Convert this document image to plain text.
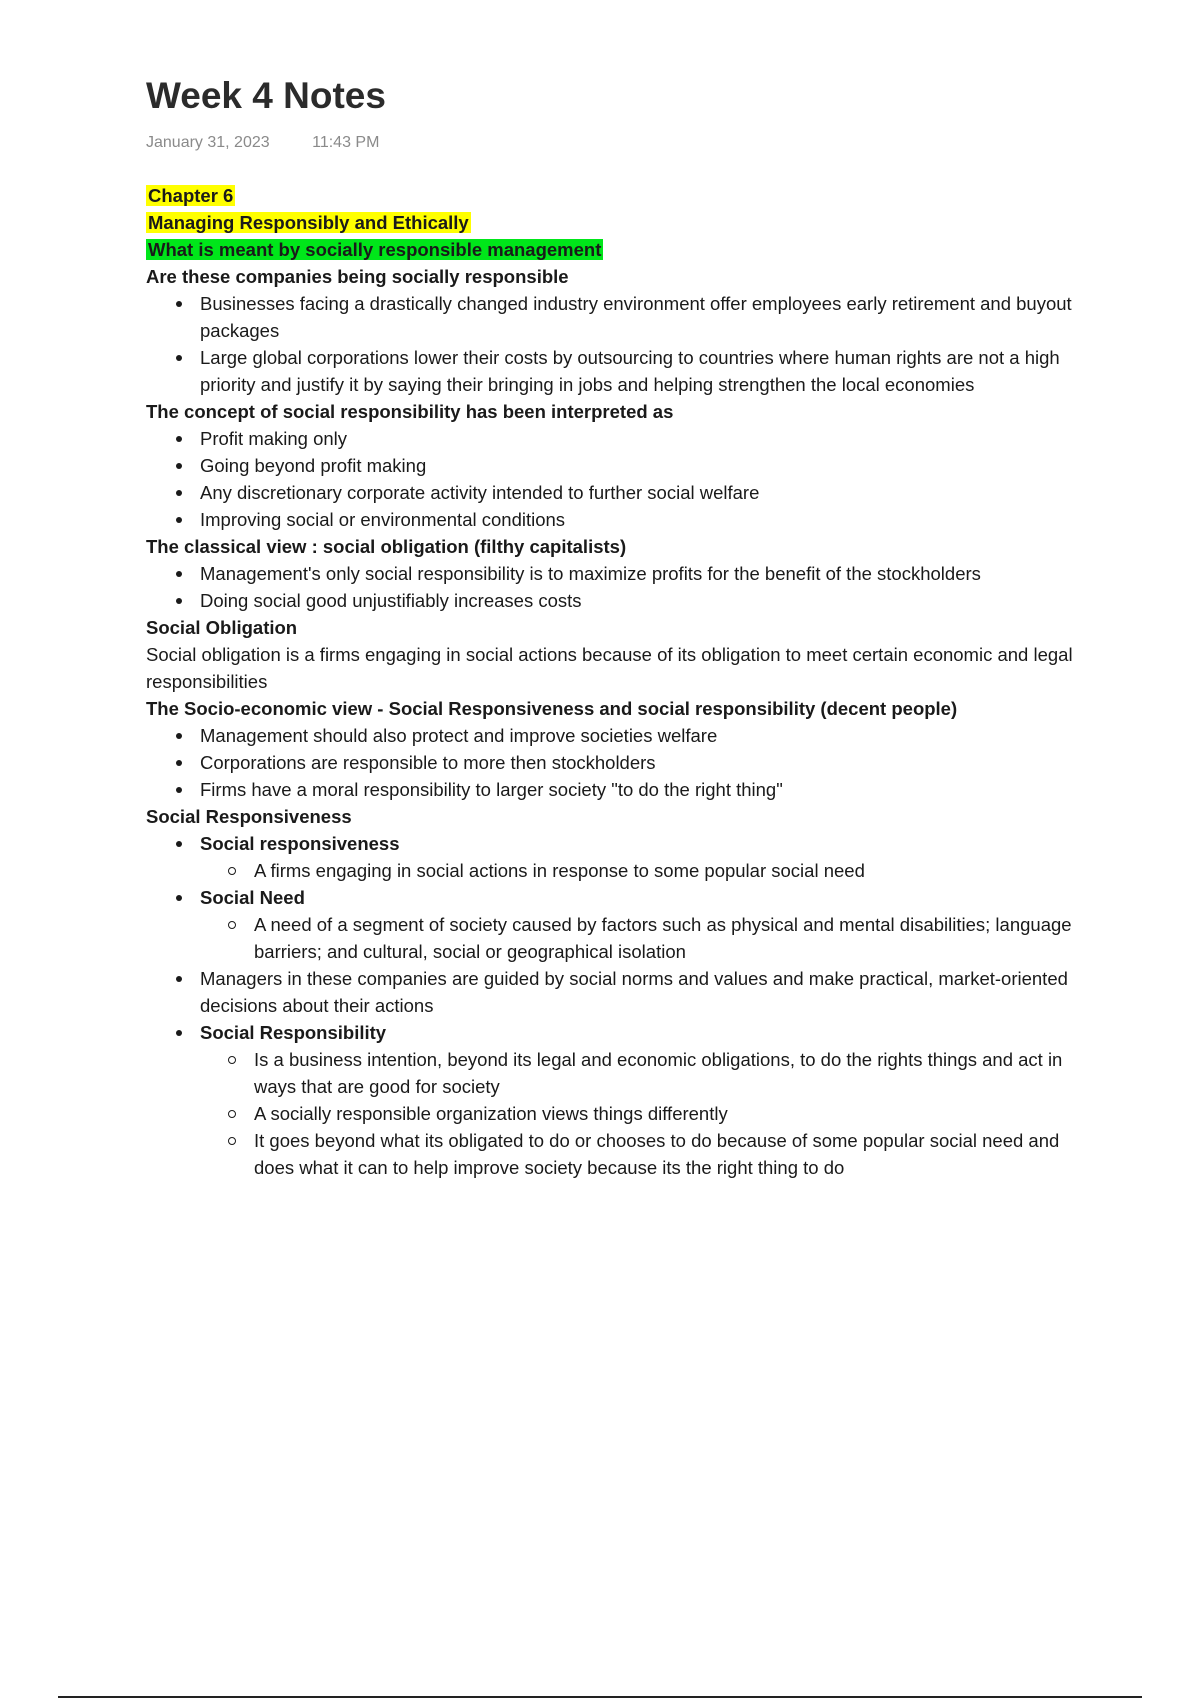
Week 4 Notes
January 31, 2023	11:43 PM

Chapter 6

Managing Responsibly and Ethically

What is meant by socially responsible management

Are these companies being socially responsible

Businesses facing a drastically changed industry environment offer employees early retirement and buyout packages
Large global corporations lower their costs by outsourcing to countries where human rights are not a high priority and justify it by saying their bringing in jobs and helping strengthen the local economies

The concept of social responsibility has been interpreted as

Profit making only
Going beyond profit making
Any discretionary corporate activity intended to further social welfare
Improving social or environmental conditions

The classical view : social obligation (filthy capitalists)

Management's only social responsibility is to maximize profits for the benefit of the stockholders
Doing social good unjustifiably increases costs

Social Obligation

Social obligation is a firms engaging in social actions because of its obligation to meet certain economic and legal responsibilities

The Socio-economic view - Social Responsiveness and social responsibility (decent people)

Management should also protect and improve societies welfare
Corporations are responsible to more then stockholders
Firms have a moral responsibility to larger society "to do the right thing"

Social Responsiveness

Social responsiveness
A firms engaging in social actions in response to some popular social need
Social Need
A need of a segment of society caused by factors such as physical and mental disabilities; language barriers; and cultural, social or geographical isolation
Managers in these companies are guided by social norms and values and make practical, market-oriented decisions about their actions
Social Responsibility
Is a business intention, beyond its legal and economic obligations, to do the rights things and act in ways that are good for society
A socially responsible organization views things differently
It goes beyond what its obligated to do or chooses to do because of some popular social need and does what it can to help improve society because its the right thing to do
